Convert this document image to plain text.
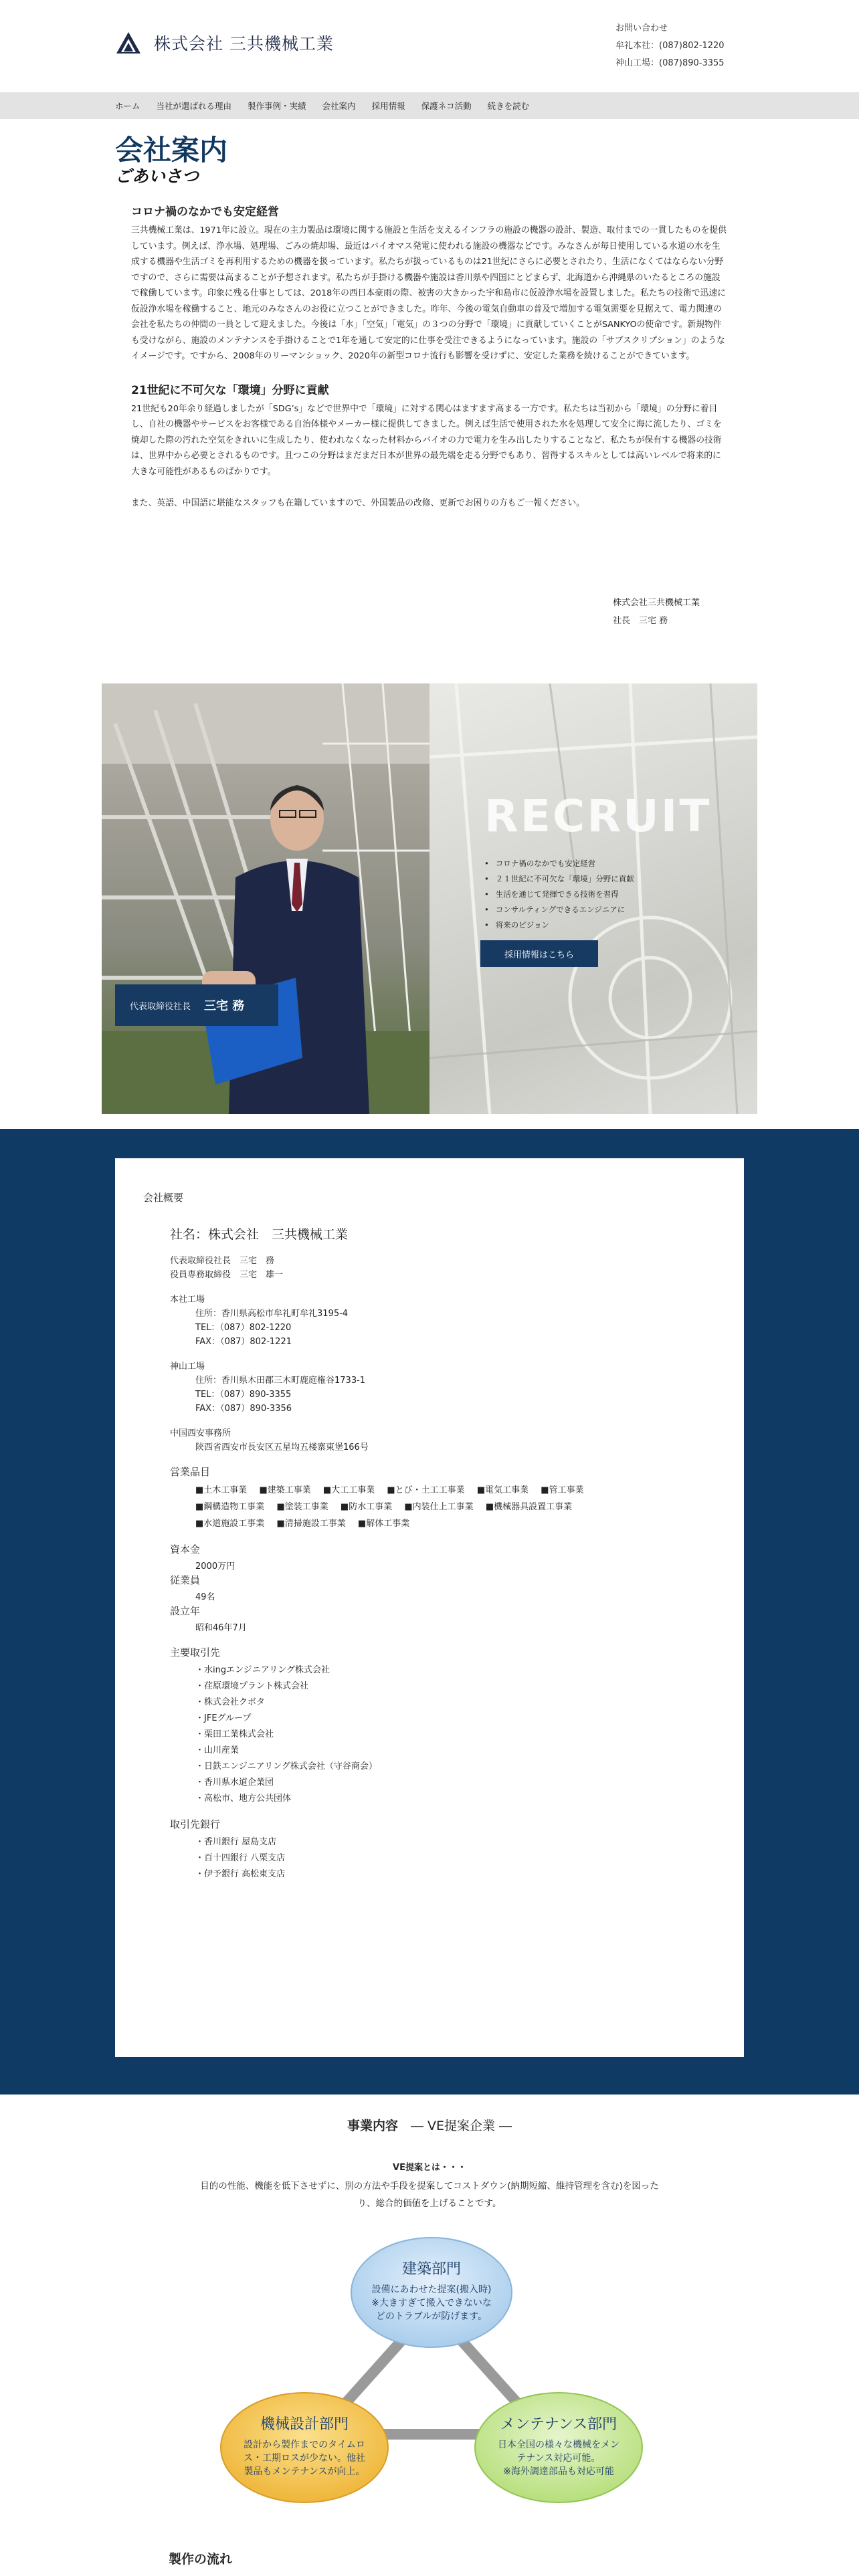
株式会社 三共機械工業
お問い合わせ
牟礼本社：(087)802-1220
神山工場：(087)890-3355
ホーム 当社が選ばれる理由 製作事例・実績 会社案内 採用情報 保護ネコ活動 続きを読む
会社案内
ごあいさつ
コロナ禍のなかでも安定経営

三共機械工業は、1971年に設立。現在の主力製品は環境に関する施設と生活を支えるインフラの施設の機器の設計、製造、取付までの一貫したものを提供しています。例えば、浄水場、処理場、ごみの焼却場、最近はバイオマス発電に使われる施設の機器などです。みなさんが毎日使用している水道の水を生成する機器や生活ゴミを再利用するための機器を扱っています。私たちが扱っているものは21世紀にさらに必要とされたり、生活になくてはならない分野ですので、さらに需要は高まることが予想されます。私たちが手掛ける機器や施設は香川県や四国にとどまらず、北海道から沖縄県のいたるところの施設で稼働しています。印象に残る仕事としては、2018年の西日本豪雨の際、被害の大きかった宇和島市に仮設浄水場を設置しました。私たちの技術で迅速に仮設浄水場を稼働すること、地元のみなさんのお役に立つことができました。昨年、今後の電気自動車の普及で増加する電気需要を見据えて、電力関連の会社を私たちの仲間の一員として迎えました。今後は「水」「空気」「電気」の３つの分野で「環境」に貢献していくことがSANKYOの使命です。新規物件も受けながら、施設のメンテナンスを手掛けることで1年を通して安定的に仕事を受注できるようになっています。施設の「サブスクリプション」のようなイメージです。ですから、2008年のリーマンショック、2020年の新型コロナ流行も影響を受けずに、安定した業務を続けることができています。

21世紀に不可欠な「環境」分野に貢献

21世紀も20年余り経過しましたが「SDG’s」などで世界中で「環境」に対する関心はますます高まる一方です。私たちは当初から「環境」の分野に着目し、自社の機器やサービスをお客様である自治体様やメーカー様に提供してきました。例えば生活で使用された水を処理して安全に海に流したり、ゴミを焼却した際の汚れた空気をきれいに生成したり、使われなくなった材料からバイオの力で電力を生み出したりすることなど、私たちが保有する機器の技術は、世界中から必要とされるものです。且つこの分野はまだまだ日本が世界の最先端を走る分野でもあり、習得するスキルとしては高いレベルで将来的に大きな可能性があるものばかりです。

また、英語、中国語に堪能なスタッフも在籍していますので、外国製品の改修、更新でお困りの方もご一報ください。

株式会社三共機械工業
社長　三宅 務
代表取締役社長 三宅 務
RECRUIT
• コロナ禍のなかでも安定経営
• ２１世紀に不可欠な「環境」分野に貢献
• 生活を通じて発揮できる技術を習得
• コンサルティングできるエンジニアに
• 将来のビジョン
採用情報はこちら
会社概要
社名：株式会社　三共機械工業
代表取締役社長　三宅　務
役員専務取締役　三宅　雄一
本社工場
住所：香川県高松市牟礼町牟礼3195-4
TEL：（087）802-1220
FAX：（087）802-1221
神山工場
住所：香川県木田郡三木町鹿庭権谷1733-1
TEL：（087）890-3355
FAX：（087）890-3356
中国西安事務所
陝西省西安市長安区五星㘬五楼寨東堡166号
営業品目
■ 土木工事業 ■ 建築工事業 ■ 大工工事業 ■ とび・土工工事業 ■ 電気工事業 ■ 管工事業
■ 鋼構造物工事業 ■ 塗装工事業 ■ 防水工事業 ■ 内装仕上工事業 ■ 機械器具設置工事業
■ 水道施設工事業 ■ 清掃施設工事業 ■ 解体工事業
資本金
2000万円
従業員
49名
設立年
昭和46年7月
主要取引先
・ 水ingエンジニアリング株式会社
・ 荏原環境プラント株式会社
・ 株式会社クボタ
・ JFEグループ
・ 栗田工業株式会社
・ 山川産業
・ 日鉄エンジニアリング株式会社（守谷商会）
・ 香川県水道企業団
・ 高松市、地方公共団体
取引先銀行
・ 香川銀行 屋島支店
・ 百十四銀行 八栗支店
・ 伊予銀行 高松東支店
事業内容　 ― VE提案企業 ―
VE提案とは・・・
目的の性能、機能を低下させずに、別の方法や手段を提案してコストダウン(納期短縮、維持管理を含む)を図った
り、総合的価値を上げることです。
建築部門
設備にあわせた提案(搬入時)
※大きすぎて搬入できないな
どのトラブルが防げます。
機械設計部門
設計から製作までのタイムロ
ス・工期ロスが少ない。他社
製品もメンテナンスが向上。
メンテナンス部門
日本全国の様々な機械をメン
テナンス対応可能。
※海外調達部品も対応可能
製作の流れ
